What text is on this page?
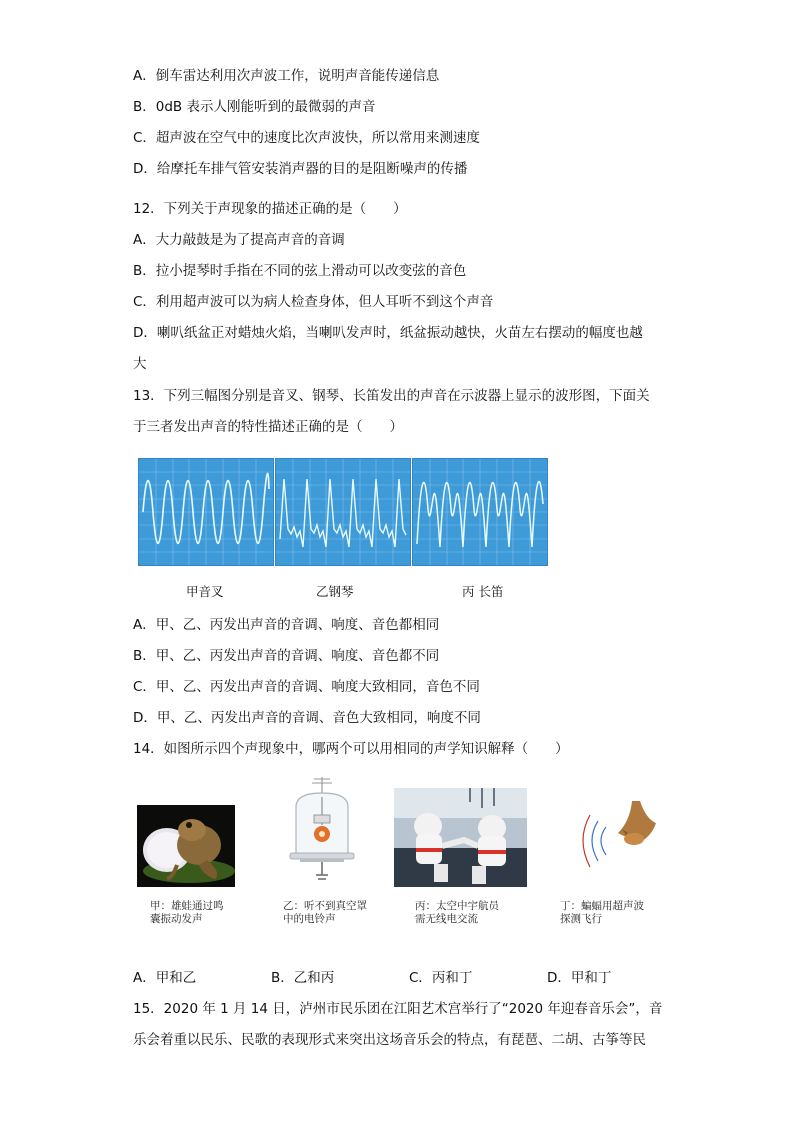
A．倒车雷达利用次声波工作，说明声音能传递信息
B．0dB 表示人刚能听到的最微弱的声音
C．超声波在空气中的速度比次声波快，所以常用来测速度
D．给摩托车排气管安装消声器的目的是阻断噪声的传播
12．下列关于声现象的描述正确的是（　　）
A．大力敲鼓是为了提高声音的音调
B．拉小提琴时手指在不同的弦上滑动可以改变弦的音色
C．利用超声波可以为病人检查身体，但人耳听不到这个声音
D．喇叭纸盆正对蜡烛火焰，当喇叭发声时，纸盆振动越快，火苗左右摆动的幅度也越
大
13．下列三幅图分别是音叉、钢琴、长笛发出的声音在示波器上显示的波形图，下面关
于三者发出声音的特性描述正确的是（　　）
甲音叉	乙钢琴	丙 长笛
A．甲、乙、丙发出声音的音调、响度、音色都相同
B．甲、乙、丙发出声音的音调、响度、音色都不同
C．甲、乙、丙发出声音的音调、响度大致相同，音色不同
D．甲、乙、丙发出声音的音调、音色大致相同，响度不同
14．如图所示四个声现象中，哪两个可以用相同的声学知识解释（　　）
甲：雄蛙通过鸣
囊振动发声
乙：听不到真空罩
中的电铃声
丙：太空中宇航员
需无线电交流
丁：蝙蝠用超声波
探测飞行
A．甲和乙	B．乙和丙	C．丙和丁	D．甲和丁
15．2020 年 1 月 14 日，泸州市民乐团在江阳艺术宫举行了“2020 年迎春音乐会”，音
乐会着重以民乐、民歌的表现形式来突出这场音乐会的特点，有琵琶、二胡、古筝等民
